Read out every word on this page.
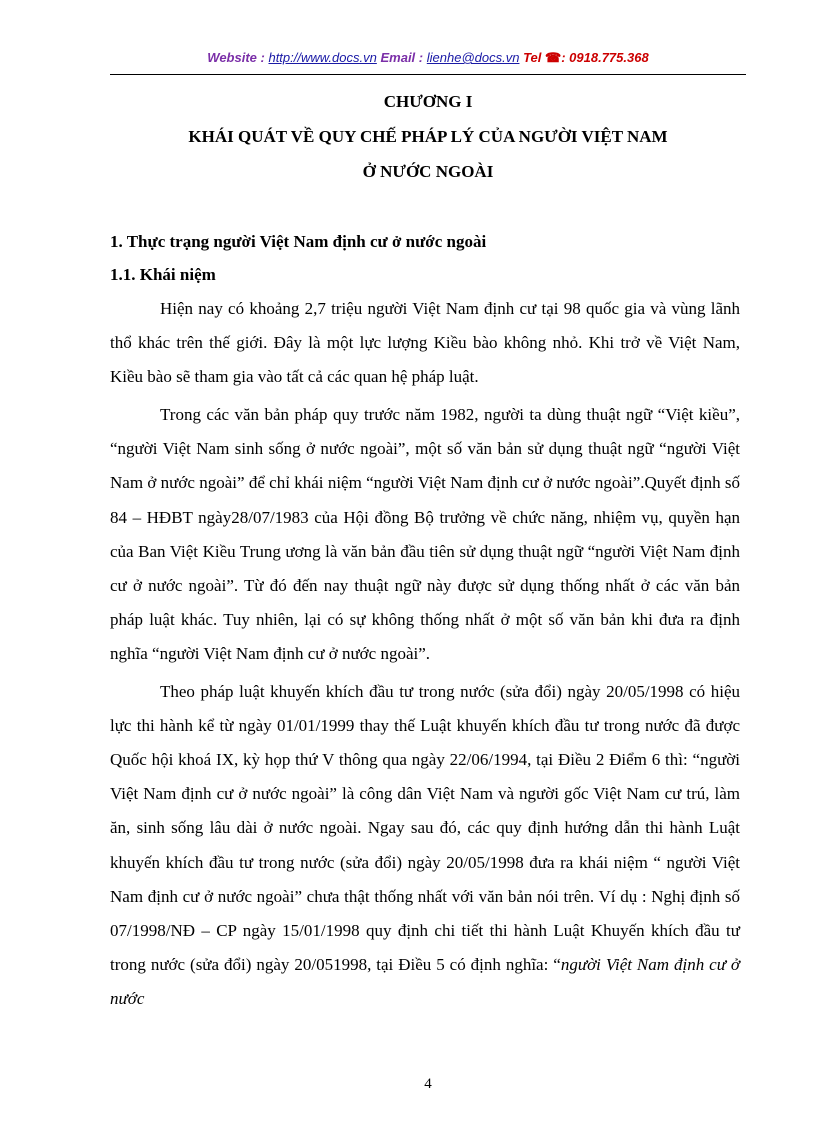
Website : http://www.docs.vn Email : lienhe@docs.vn Tel ☎: 0918.775.368
CHƯƠNG I
KHÁI QUÁT VỀ QUY CHẾ PHÁP LÝ CỦA NGƯỜI VIỆT NAM
Ở NƯỚC NGOÀI
1. Thực trạng người Việt Nam định cư ở nước ngoài
1.1. Khái niệm

Hiện nay có khoảng 2,7 triệu người Việt Nam định cư tại 98 quốc gia và vùng lãnh thổ khác trên thế giới. Đây là một lực lượng Kiều bào không nhỏ. Khi trở về Việt Nam, Kiều bào sẽ tham gia vào tất cả các quan hệ pháp luật.

Trong các văn bản pháp quy trước năm 1982, người ta dùng thuật ngữ “Việt kiều”, “người Việt Nam sinh sống ở nước ngoài”, một số văn bản sử dụng thuật ngữ “người Việt Nam ở nước ngoài” để chỉ khái niệm “người Việt Nam định cư ở nước ngoài”.Quyết định số 84 – HĐBT ngày28/07/1983 của Hội đồng Bộ trưởng về chức năng, nhiệm vụ, quyền hạn của Ban Việt Kiều Trung ương là văn bản đầu tiên sử dụng thuật ngữ “người Việt Nam định cư ở nước ngoài”. Từ đó đến nay thuật ngữ này được sử dụng thống nhất ở các văn bản pháp luật khác. Tuy nhiên, lại có sự không thống nhất ở một số văn bản khi đưa ra định nghĩa “người Việt Nam định cư ở nước ngoài”.

Theo pháp luật khuyến khích đầu tư trong nước (sửa đổi) ngày 20/05/1998 có hiệu lực thi hành kể từ ngày 01/01/1999 thay thế Luật khuyến khích đầu tư trong nước đã được Quốc hội khoá IX, kỳ họp thứ V thông qua ngày 22/06/1994, tại Điều 2 Điểm 6 thì: “người Việt Nam định cư ở nước ngoài” là công dân Việt Nam và người gốc Việt Nam cư trú, làm ăn, sinh sống lâu dài ở nước ngoài. Ngay sau đó, các quy định hướng dẫn thi hành Luật khuyến khích đầu tư trong nước (sửa đổi) ngày 20/05/1998 đưa ra khái niệm “ người Việt Nam định cư ở nước ngoài” chưa thật thống nhất với văn bản nói trên. Ví dụ : Nghị định số 07/1998/NĐ – CP ngày 15/01/1998 quy định chi tiết thi hành Luật Khuyến khích đầu tư trong nước (sửa đổi) ngày 20/051998, tại Điều 5 có định nghĩa: “người Việt Nam định cư ở nước

4
